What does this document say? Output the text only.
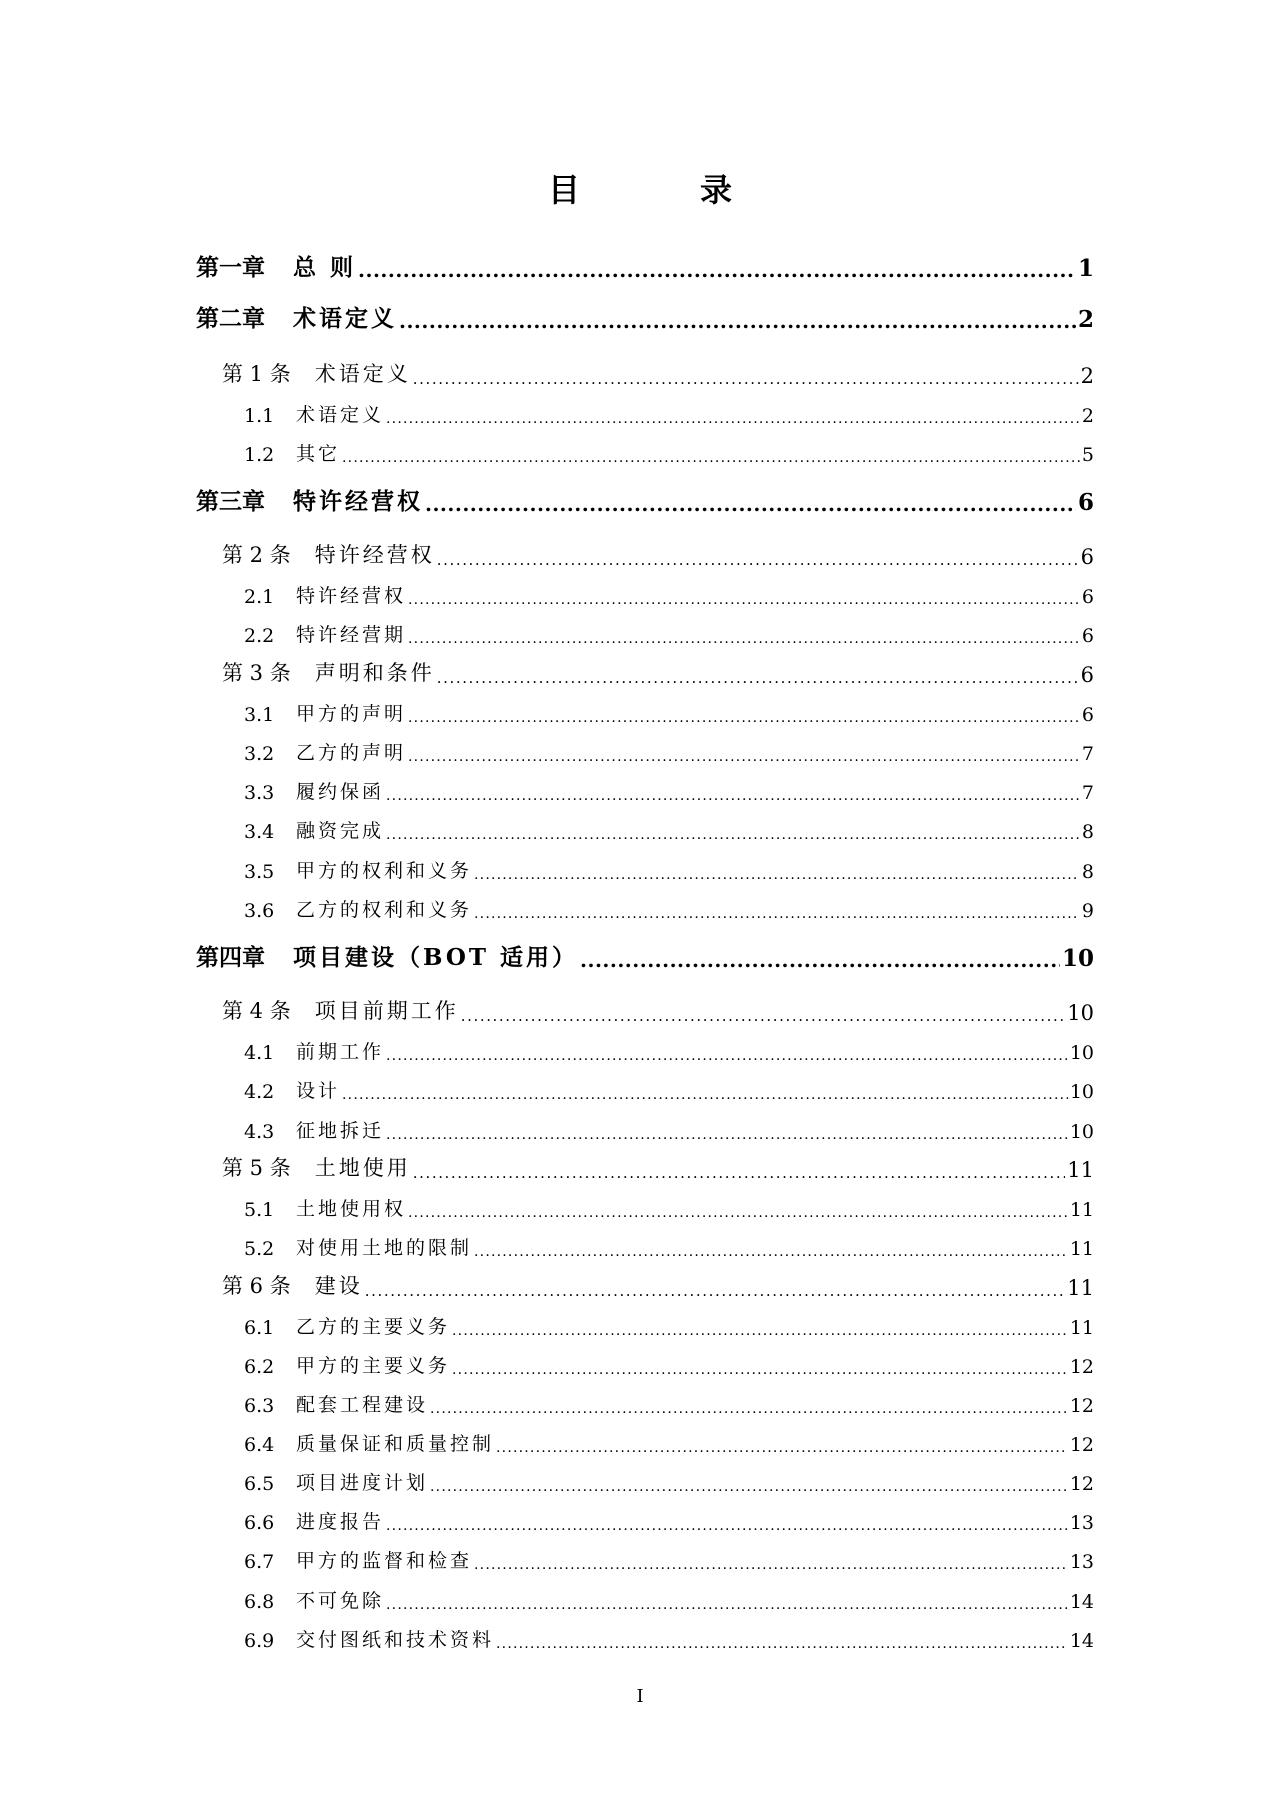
目　录
第一章 总 则 .....	1
第二章 术语定义 .....	2
第 1 条 术语定义 .....	2
1.1	术语定义 .....	2
1.2	其它 .....	5
第三章 特许经营权 .....	6
第 2 条 特许经营权 .....	6
2.1	特许经营权 .....	6
2.2	特许经营期 .....	6
第 3 条 声明和条件 .....	6
3.1	甲方的声明 .....	6
3.2	乙方的声明 .....	7
3.3	履约保函 .....	7
3.4	融资完成 .....	8
3.5	甲方的权利和义务 .....	8
3.6	乙方的权利和义务 .....	9
第四章 项目建设（BOT 适用） .....	10
第 4 条 项目前期工作 .....	10
4.1	前期工作 .....	10
4.2	设计 .....	10
4.3	征地拆迁 .....	10
第 5 条 土地使用 .....	11
5.1	土地使用权 .....	11
5.2	对使用土地的限制 .....	11
第 6 条 建设 .....	11
6.1	乙方的主要义务 .....	11
6.2	甲方的主要义务 .....	12
6.3	配套工程建设 .....	12
6.4	质量保证和质量控制 .....	12
6.5	项目进度计划 .....	12
6.6	进度报告 .....	13
6.7	甲方的监督和检查 .....	13
6.8	不可免除 .....	14
6.9	交付图纸和技术资料 .....	14
I
